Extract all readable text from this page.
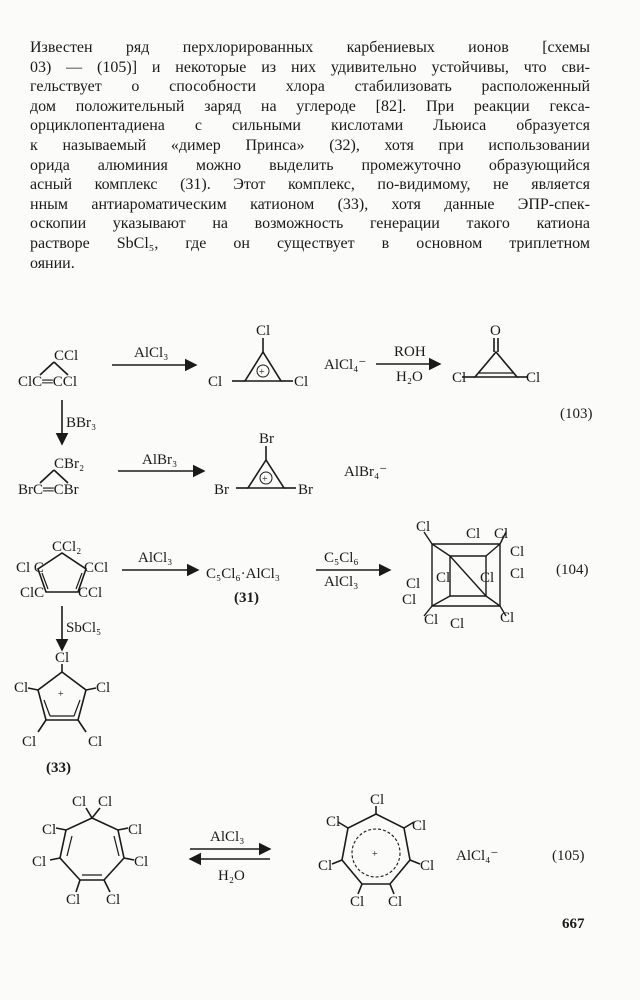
Известен ряд перхлорированных карбениевых ионов [схемы
03) — (105)] и некоторые из них удивительно устойчивы, что сви-
гельствует о способности хлора стабилизовать расположенный
дом положительный заряд на углероде [82]. При реакции гекса-
орциклопентадиена с сильными кислотами Льюиса образуется
к называемый «димер Принса» (32), хотя при использовании
орида алюминия можно выделить промежуточно образующийся
асный комплекс (31). Этот комплекс, по-видимому, не является
нным антиароматическим катионом (33), хотя данные ЭПР-спек-
оскопии указывают на возможность генерации такого катиона
растворе SbCl₅, где он существует в основном триплетном
оянии.
CCl
ClC═CCl
AlCl₃
Cl
Cl	Cl
+	AlCl₄⁻
ROH
H₂O
O
Cl	Cl
(103)
BBr₃
CBr₂
BrC═CBr
AlBr₃
Br
Br	Br
+	AlBr₄⁻
CCl₂
Cl C	CCl
ClC CCl
AlCl₃
C₅Cl₆·AlCl₃
(31)
C₅Cl₆
AlCl₃
Cl Cl Cl
Cl
Cl Cl Cl
Cl
Cl
Cl Cl Cl
(104)
SbCl₅
Cl
Cl	Cl
Cl	Cl
+
(33)
Cl Cl
Cl	Cl
Cl	Cl
Cl Cl
AlCl₃
H₂O
Cl
Cl	Cl
Cl	Cl
Cl Cl
+	AlCl₄⁻	(105)
667
